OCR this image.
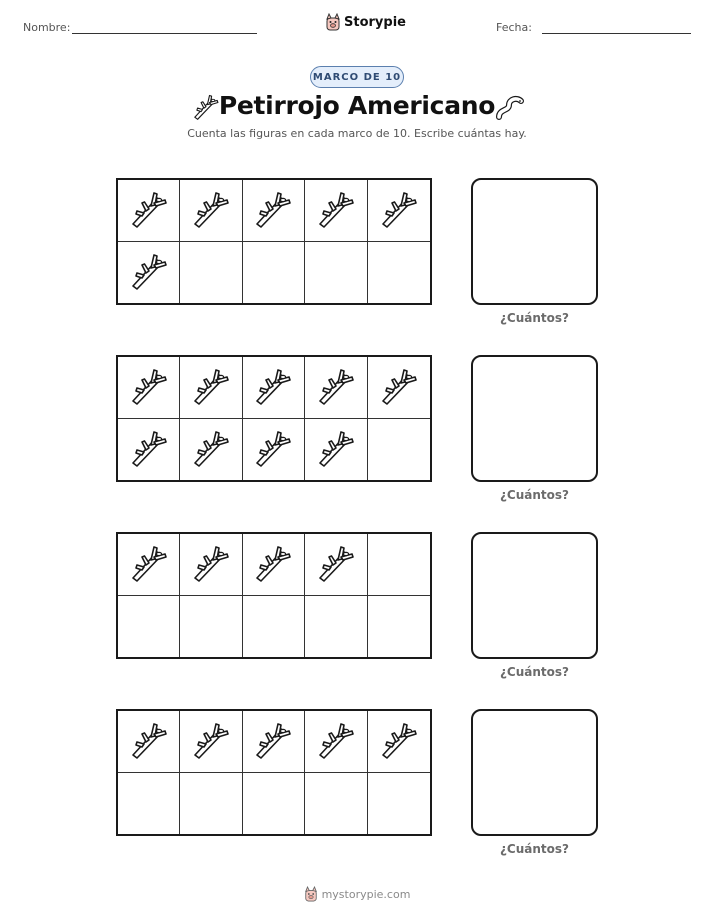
Nombre:	Storypie	Fecha:
MARCO DE 10
Petirrojo Americano
Cuenta las figuras en cada marco de 10. Escribe cuántas hay.
¿Cuántos?
¿Cuántos?
¿Cuántos?
¿Cuántos?
mystorypie.com
